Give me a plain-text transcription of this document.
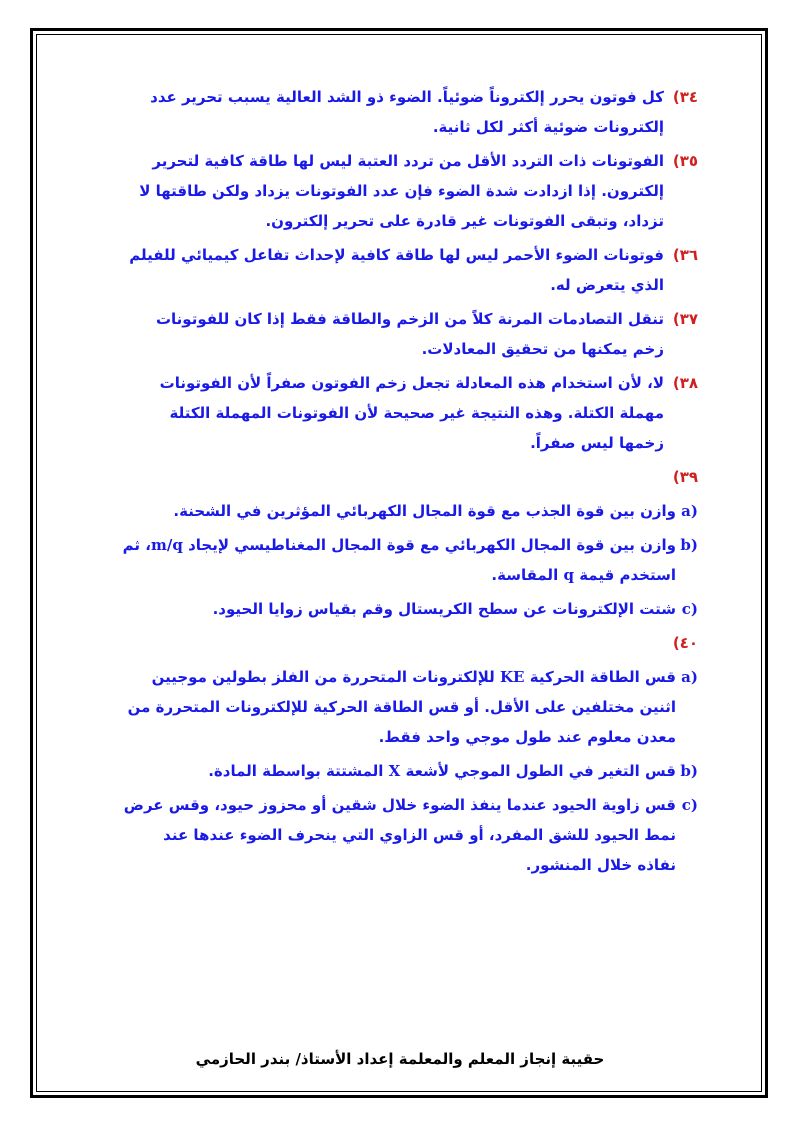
٣٤)
كل فوتون يحرر إلكتروناً ضوئياً. الضوء ذو الشد العالية يسبب تحرير عدد إلكترونات ضوئية أكثر لكل ثانية.
٣٥)
الفوتونات ذات التردد الأقل من تردد العتبة ليس لها طاقة كافية لتحرير إلكترون. إذا ازدادت شدة الضوء فإن عدد الفوتونات يزداد ولكن طاقتها لا تزداد، وتبقى الفوتونات غير قادرة على تحرير إلكترون.
٣٦)
فوتونات الضوء الأحمر ليس لها طاقة كافية لإحداث تفاعل كيميائي للفيلم الذي يتعرض له.
٣٧)
تنقل التصادمات المرنة كلاً من الزخم والطاقة فقط إذا كان للفوتونات زخم يمكنها من تحقيق المعادلات.
٣٨)
لا، لأن استخدام هذه المعادلة تجعل زخم الفوتون صفراً لأن الفوتونات مهملة الكتلة. وهذه النتيجة غير صحيحة لأن الفوتونات المهملة الكتلة زخمها ليس صفراً.
٣٩)
a)
وازن بين قوة الجذب مع قوة المجال الكهربائي المؤثرين في الشحنة.
b)
وازن بين قوة المجال الكهربائي مع قوة المجال المغناطيسي لإيجاد m/q، ثم استخدم قيمة q المقاسة.
c)
شتت الإلكترونات عن سطح الكريستال وقم بقياس زوايا الحيود.
٤٠)
a)
قس الطاقة الحركية KE للإلكترونات المتحررة من الفلز بطولين موجيين اثنين مختلفين على الأقل. أو قس الطاقة الحركية للإلكترونات المتحررة من معدن معلوم عند طول موجي واحد فقط.
b)
قس التغير في الطول الموجي لأشعة X المشتتة بواسطة المادة.
c)
قس زاوية الحيود عندما ينفذ الضوء خلال شقين أو محزوز حيود، وقس عرض نمط الحيود للشق المفرد، أو قس الزاوي التي ينحرف الضوء عندها عند نفاذه خلال المنشور.
حقيبة إنجاز المعلم والمعلمة إعداد الأستاذ/ بندر الحازمي
